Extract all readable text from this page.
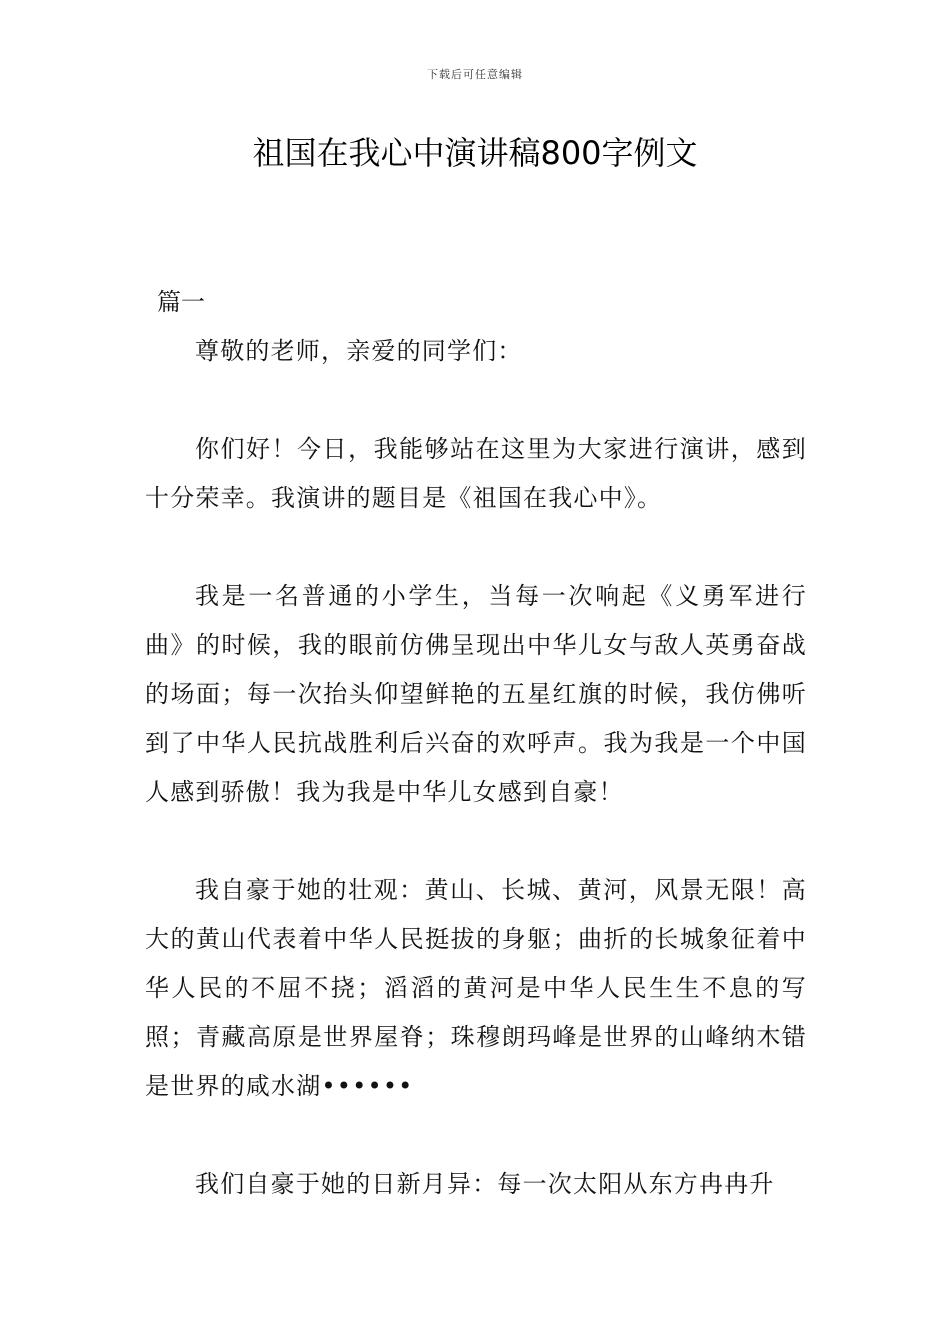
下载后可任意编辑
祖国在我心中演讲稿800字例文

篇一

尊敬的老师，亲爱的同学们：

你们好！今日，我能够站在这里为大家进行演讲，感到十分荣幸。我演讲的题目是《祖国在我心中》。

我是一名普通的小学生，当每一次响起《义勇军进行曲》的时候，我的眼前仿佛呈现出中华儿女与敌人英勇奋战的场面；每一次抬头仰望鲜艳的五星红旗的时候，我仿佛听到了中华人民抗战胜利后兴奋的欢呼声。我为我是一个中国人感到骄傲！我为我是中华儿女感到自豪！

我自豪于她的壮观：黄山、长城、黄河，风景无限！高大的黄山代表着中华人民挺拔的身躯；曲折的长城象征着中华人民的不屈不挠；滔滔的黄河是中华人民生生不息的写照；青藏高原是世界屋脊；珠穆朗玛峰是世界的山峰纳木错是世界的咸水湖••••••

我们自豪于她的日新月异：每一次太阳从东方冉冉升
